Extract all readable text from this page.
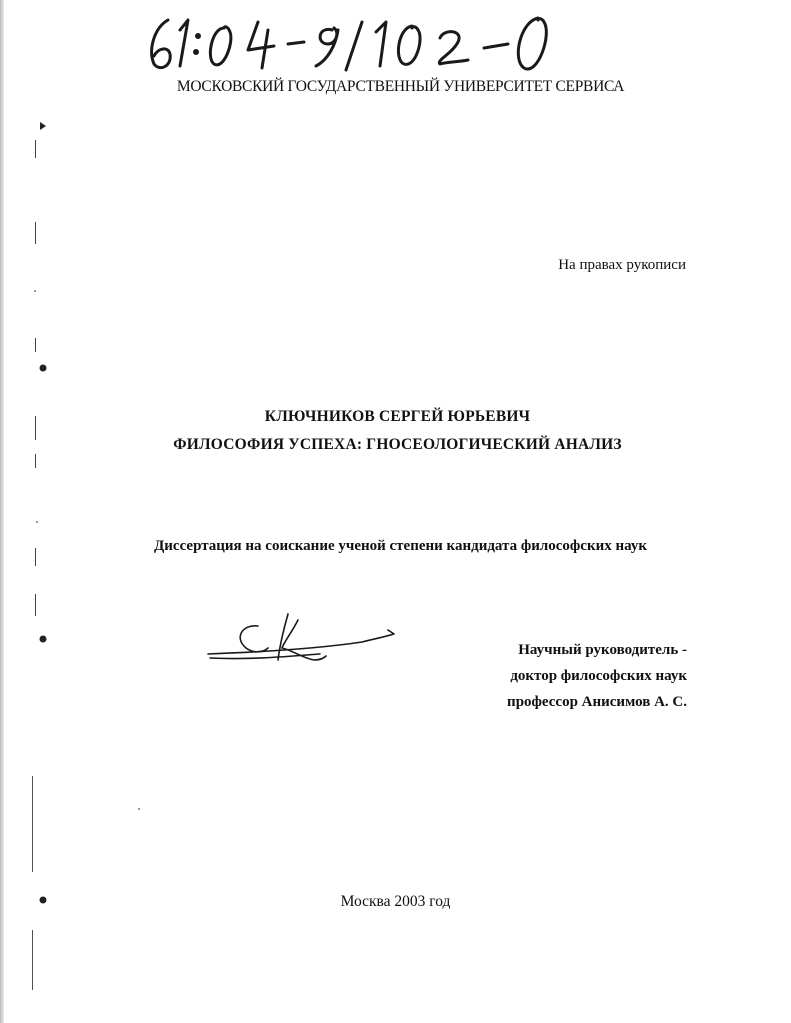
МОСКОВСКИЙ ГОСУДАРСТВЕННЫЙ УНИВЕРСИТЕТ СЕРВИСА
На правах рукописи
КЛЮЧНИКОВ СЕРГЕЙ ЮРЬЕВИЧ
ФИЛОСОФИЯ УСПЕХА: ГНОСЕОЛОГИЧЕСКИЙ АНАЛИЗ
Диссертация на соискание ученой степени кандидата философских наук
Научный руководитель -
доктор философских наук
профессор Анисимов А. С.
Москва 2003 год
